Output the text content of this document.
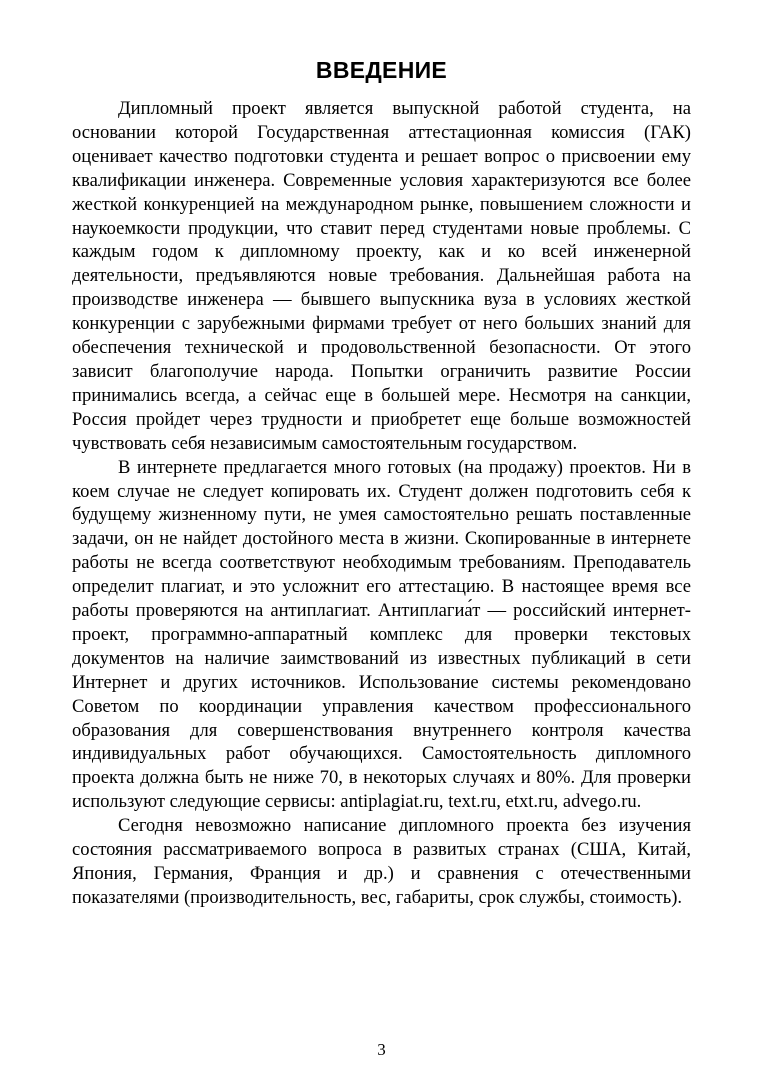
ВВЕДЕНИЕ

Дипломный проект является выпускной работой студента, на основании которой Государственная аттестационная комиссия (ГАК) оценивает качество подготовки студента и решает вопрос о присвоении ему квалификации инженера. Современные условия характеризуются все более жесткой конкуренцией на международном рынке, повышением сложности и наукоемкости продукции, что ставит перед студентами новые проблемы. С каждым годом к дипломному проекту, как и ко всей инженерной деятельности, предъявляются новые требования. Дальнейшая работа на производстве инженера — бывшего выпускника вуза в условиях жесткой конкуренции с зарубежными фирмами требует от него больших знаний для обеспечения технической и продовольственной безопасности. От этого зависит благополучие народа. Попытки ограничить развитие России принимались всегда, а сейчас еще в большей мере. Несмотря на санкции, Россия пройдет через трудности и приобретет еще больше возможностей чувствовать себя независимым самостоятельным государством.

В интернете предлагается много готовых (на продажу) проектов. Ни в коем случае не следует копировать их. Студент должен подготовить себя к будущему жизненному пути, не умея самостоятельно решать поставленные задачи, он не найдет достойного места в жизни. Скопированные в интернете работы не всегда соответствуют необходимым требованиям. Преподаватель определит плагиат, и это усложнит его аттестацию. В настоящее время все работы проверяются на антиплагиат. Антиплагиа́т — российский интернет-проект, программно-аппаратный комплекс для проверки текстовых документов на наличие заимствований из известных публикаций в сети Интернет и других источников. Использование системы рекомендовано Советом по координации управления качеством профессионального образования для совершенствования внутреннего контроля качества индивидуальных работ обучающихся. Самостоятельность дипломного проекта должна быть не ниже 70, в некоторых случаях и 80%. Для проверки используют следующие сервисы: antiplagiat.ru, text.ru, etxt.ru, advego.ru.

Сегодня невозможно написание дипломного проекта без изучения состояния рассматриваемого вопроса в развитых странах (США, Китай, Япония, Германия, Франция и др.) и сравнения с отечественными показателями (производительность, вес, габариты, срок службы, стоимость).

3
